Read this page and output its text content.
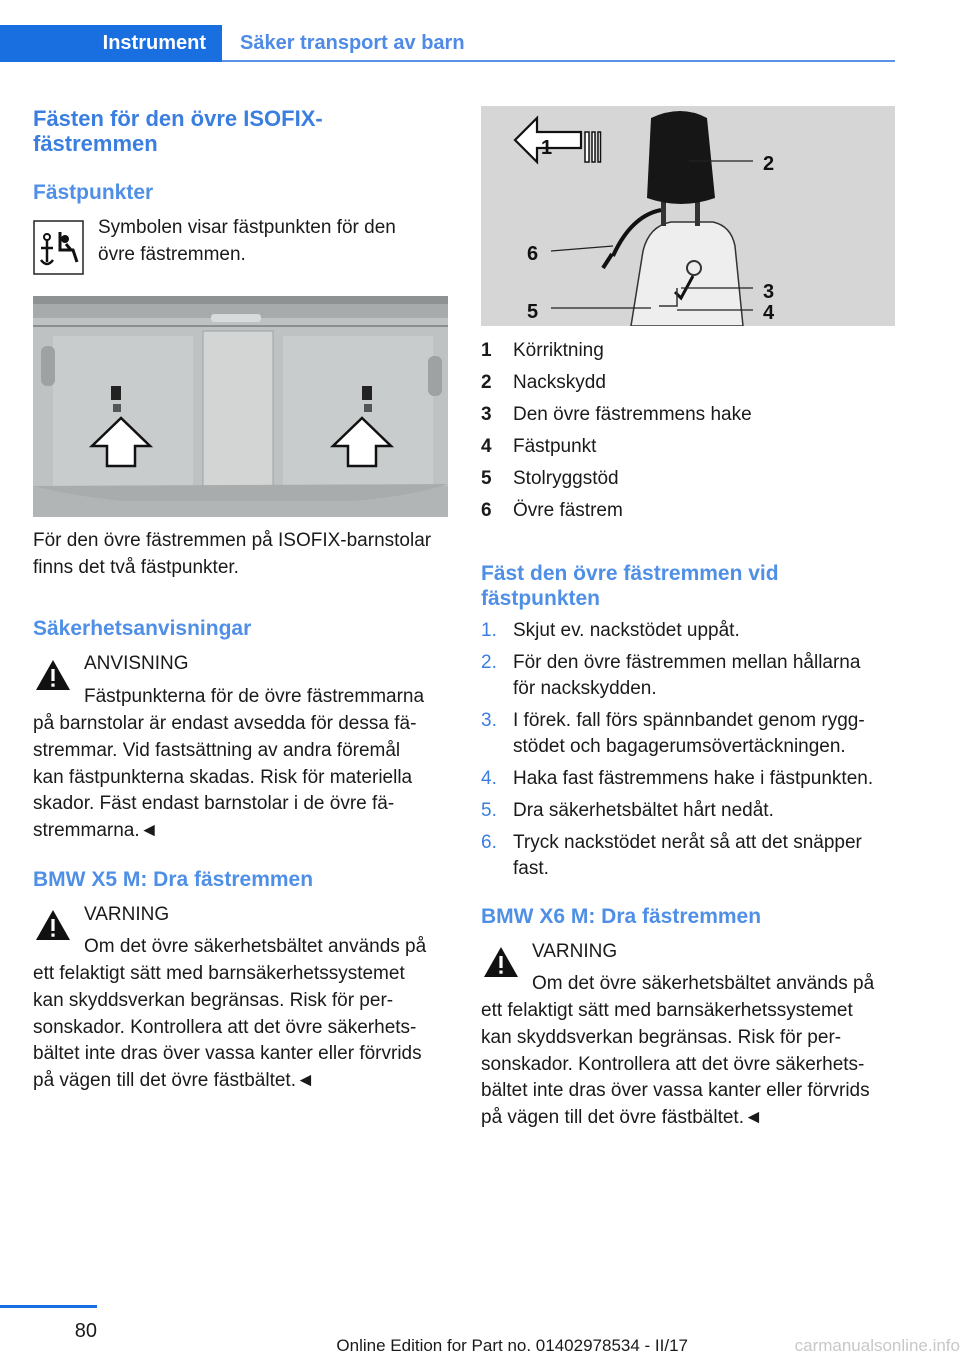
Instrument Säker transport av barn
Fästen för den övre ISOFIX-
fästremmen
Fästpunkter
Symbolen visar fästpunkten för den
övre fästremmen.
För den övre fästremmen på ISOFIX-barnstolar
finns det två fästpunkter.
Säkerhetsanvisningar
ANVISNING
Fästpunkterna för de övre fästremmarna
på barnstolar är endast avsedda för dessa fä-
stremmar. Vid fastsättning av andra föremål
kan fästpunkterna skadas. Risk för materiella
skador. Fäst endast barnstolar i de övre fä-
stremmarna.◄
BMW X5 M: Dra fästremmen
VARNING
Om det övre säkerhetsbältet används på
ett felaktigt sätt med barnsäkerhetssystemet
kan skyddsverkan begränsas. Risk för per-
sonskador. Kontrollera att det övre säkerhets-
bältet inte dras över vassa kanter eller förvrids
på vägen till det övre fästbältet.◄
1
2
3
4
5
6
1 Körriktning
2 Nackskydd
3 Den övre fästremmens hake
4 Fästpunkt
5 Stolryggstöd
6 Övre fästrem
Fäst den övre fästremmen vid
fästpunkten
1. Skjut ev. nackstödet uppåt.
2. För den övre fästremmen mellan hållarna
för nackskydden.
3. I förek. fall förs spännbandet genom rygg-
stödet och bagagerumsövertäckningen.
4. Haka fast fästremmens hake i fästpunkten.
5. Dra säkerhetsbältet hårt nedåt.
6. Tryck nackstödet neråt så att det snäpper
fast.
BMW X6 M: Dra fästremmen
VARNING
Om det övre säkerhetsbältet används på
ett felaktigt sätt med barnsäkerhetssystemet
kan skyddsverkan begränsas. Risk för per-
sonskador. Kontrollera att det övre säkerhets-
bältet inte dras över vassa kanter eller förvrids
på vägen till det övre fästbältet.◄
80
Online Edition for Part no. 01402978534 - II/17	carmanualsonline.info
